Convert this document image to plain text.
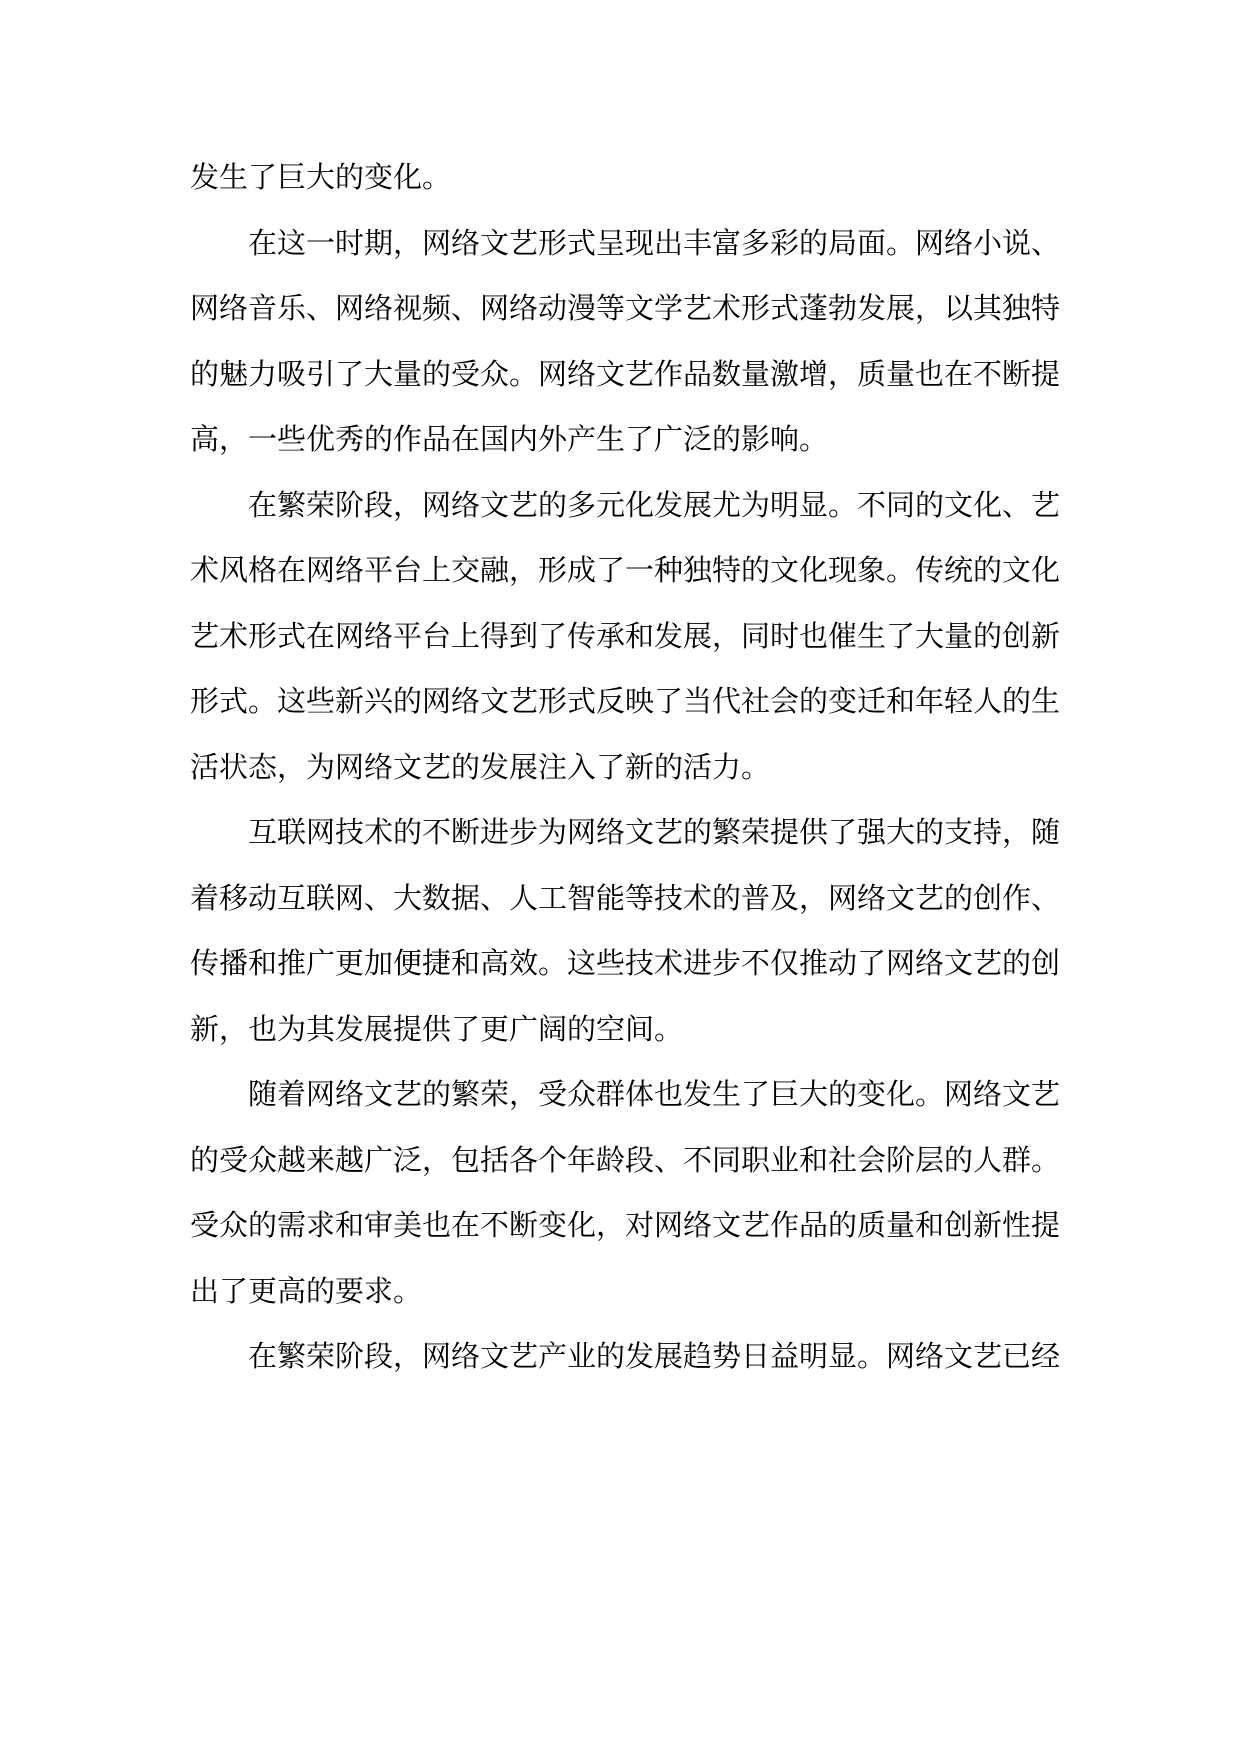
发生了巨大的变化。

在这一时期，网络文艺形式呈现出丰富多彩的局面。网络小说、网络音乐、网络视频、网络动漫等文学艺术形式蓬勃发展，以其独特的魅力吸引了大量的受众。网络文艺作品数量激增，质量也在不断提高，一些优秀的作品在国内外产生了广泛的影响。

在繁荣阶段，网络文艺的多元化发展尤为明显。不同的文化、艺术风格在网络平台上交融，形成了一种独特的文化现象。传统的文化艺术形式在网络平台上得到了传承和发展，同时也催生了大量的创新形式。这些新兴的网络文艺形式反映了当代社会的变迁和年轻人的生活状态，为网络文艺的发展注入了新的活力。

互联网技术的不断进步为网络文艺的繁荣提供了强大的支持，随着移动互联网、大数据、人工智能等技术的普及，网络文艺的创作、传播和推广更加便捷和高效。这些技术进步不仅推动了网络文艺的创新，也为其发展提供了更广阔的空间。

随着网络文艺的繁荣，受众群体也发生了巨大的变化。网络文艺的受众越来越广泛，包括各个年龄段、不同职业和社会阶层的人群。受众的需求和审美也在不断变化，对网络文艺作品的质量和创新性提出了更高的要求。

在繁荣阶段，网络文艺产业的发展趋势日益明显。网络文艺已经
